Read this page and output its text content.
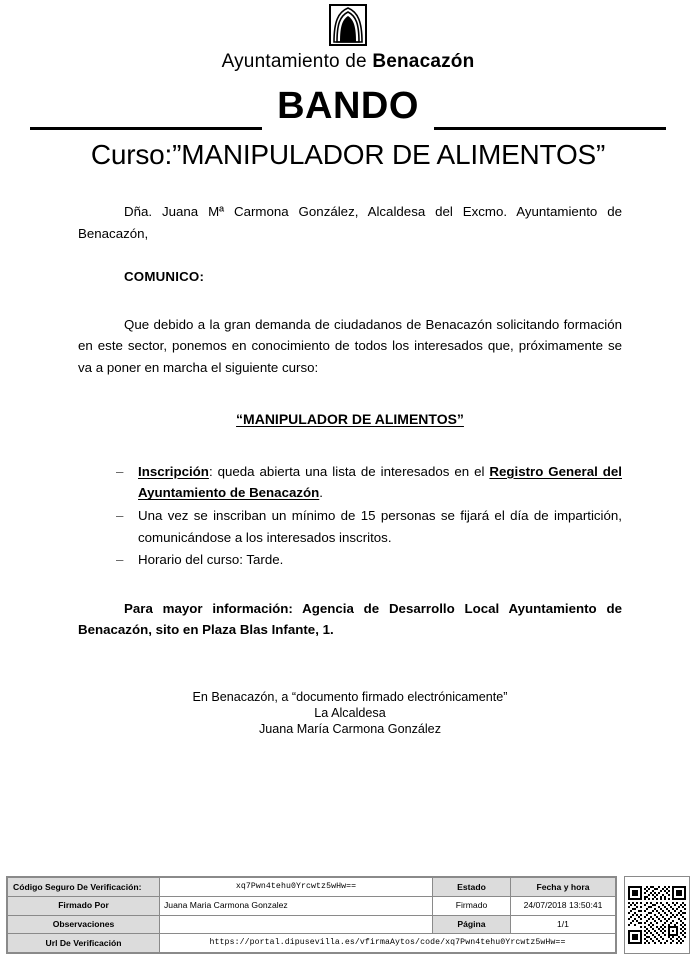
Ayuntamiento de Benacazón
BANDO
Curso:”MANIPULADOR DE ALIMENTOS”

Dña. Juana Mª Carmona González, Alcaldesa del Excmo. Ayuntamiento de Benacazón,

COMUNICO:

Que debido a la gran demanda de ciudadanos de Benacazón solicitando formación en este sector, ponemos en conocimiento de todos los interesados que, próximamente se va a poner en marcha el siguiente curso:

“MANIPULADOR DE ALIMENTOS”

– Inscripción: queda abierta una lista de interesados en el Registro General del Ayuntamiento de Benacazón.
– Una vez se inscriban un mínimo de 15 personas se fijará el día de impartición, comunicándose a los interesados inscritos.
– Horario del curso: Tarde.

Para mayor información: Agencia de Desarrollo Local Ayuntamiento de Benacazón, sito en Plaza Blas Infante, 1.

En Benacazón, a “documento firmado electrónicamente”
La Alcaldesa
Juana María Carmona González
Código Seguro De Verificación:	xq7Pwn4tehu0Yrcwtz5wHw==	Estado	Fecha y hora
Firmado Por	Juana Maria Carmona Gonzalez	Firmado	24/07/2018 13:50:41
Observaciones		Página	1/1
Url De Verificación	https://portal.dipusevilla.es/vfirmaAytos/code/xq7Pwn4tehu0Yrcwtz5wHw==		
